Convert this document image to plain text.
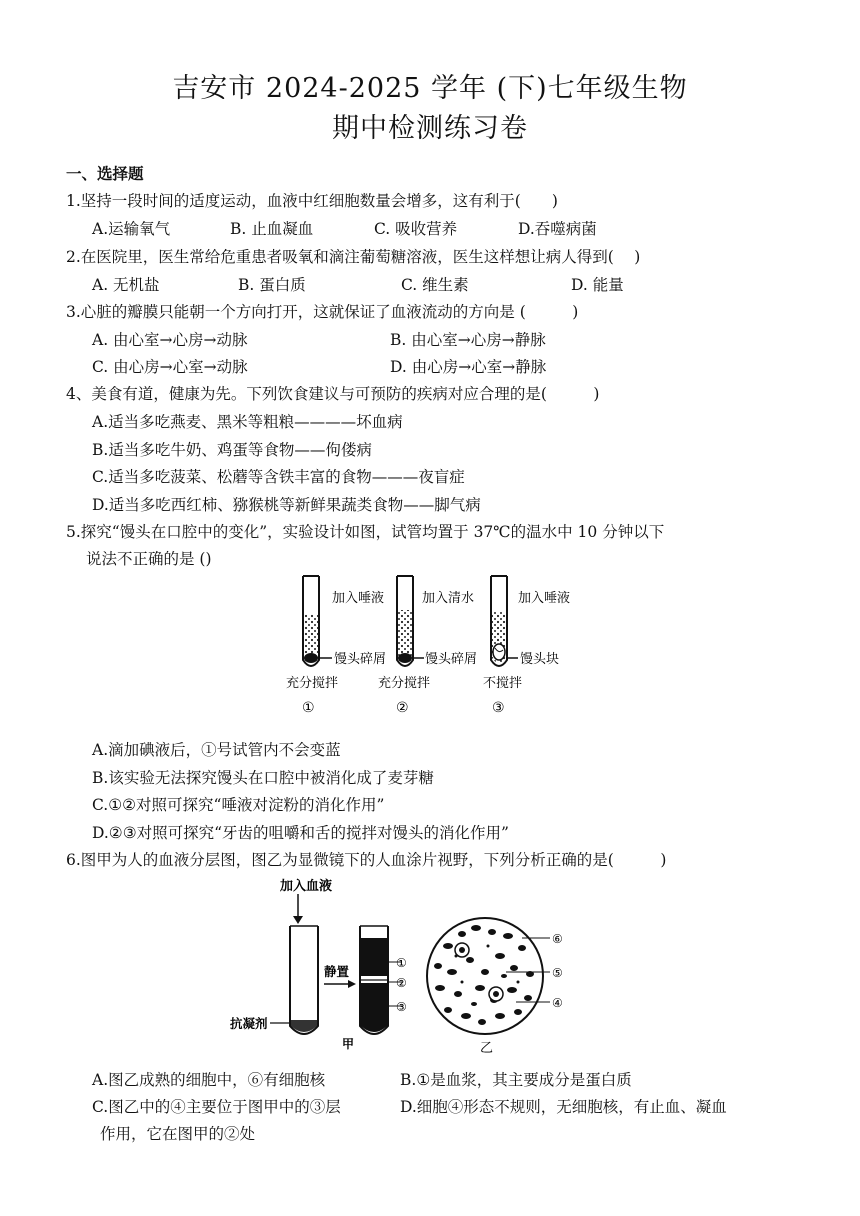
吉安市 2024-2025 学年 (下)七年级生物
期中检测练习卷
一、选择题
1.坚持一段时间的适度运动，血液中红细胞数量会增多，这有利于(　　)
A.运输氧气	B. 止血凝血	C. 吸收营养	D.吞噬病菌
2.在医院里，医生常给危重患者吸氧和滴注葡萄糖溶液，医生这样想让病人得到(　 )
A. 无机盐	B. 蛋白质	C. 维生素	D. 能量
3.心脏的瓣膜只能朝一个方向打开，这就保证了血液流动的方向是 (　　　)
A. 由心室→心房→动脉	B. 由心室→心房→静脉
C. 由心房→心室→动脉	D. 由心房→心室→静脉
4、美食有道，健康为先。下列饮食建议与可预防的疾病对应合理的是(　　　)
A.适当多吃燕麦、黑米等粗粮————坏血病
B.适当多吃牛奶、鸡蛋等食物——佝偻病
C.适当多吃菠菜、松蘑等含铁丰富的食物———夜盲症
D.适当多吃西红柿、猕猴桃等新鲜果蔬类食物——脚气病
5.探究“馒头在口腔中的变化”，实验设计如图，试管均置于 37℃的温水中 10 分钟以下
说法不正确的是 ()
加入唾液
馒头碎屑
充分搅拌
①
加入清水
馒头碎屑
充分搅拌
②
加入唾液
馒头块
不搅拌
③
A.滴加碘液后，①号试管内不会变蓝
B.该实验无法探究馒头在口腔中被消化成了麦芽糖
C.①②对照可探究“唾液对淀粉的消化作用”
D.②③对照可探究“牙齿的咀嚼和舌的搅拌对馒头的消化作用”
6.图甲为人的血液分层图，图乙为显微镜下的人血涂片视野，下列分析正确的是(　　　)
加入血液
抗凝剂
静置
①
②
③
甲
⑥
⑤
④
乙
A.图乙成熟的细胞中，⑥有细胞核	B.①是血浆，其主要成分是蛋白质
C.图乙中的④主要位于图甲中的③层	D.细胞④形态不规则，无细胞核，有止血、凝血
作用，它在图甲的②处
